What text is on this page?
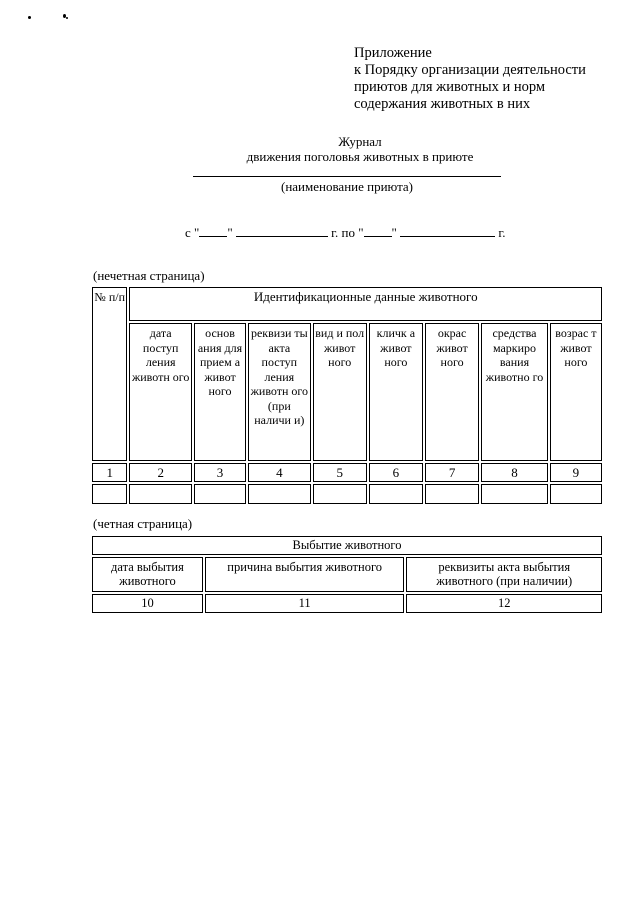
Приложение
к Порядку организации деятельности
приютов для животных и норм
содержания животных в них
Журнал
движения поголовья животных в приюте
(наименование приюта)
с " "	г. по " "	г.
(нечетная страница)
№ п/п	Идентификационные данные животного							
	дата поступ ления животн ого	основ ания для прием а живот ного	реквизи ты акта поступ ления животн ого (при наличи и)	вид и пол живот ного	кличк а живот ного	окрас живот ного	средства маркиро вания животно го	возрас т живот ного
1	2	3	4	5	6	7	8	9

(четная страница)
Выбытие животного		
дата выбытия животного	причина выбытия животного	реквизиты акта выбытия животного (при наличии)
10	11	12
